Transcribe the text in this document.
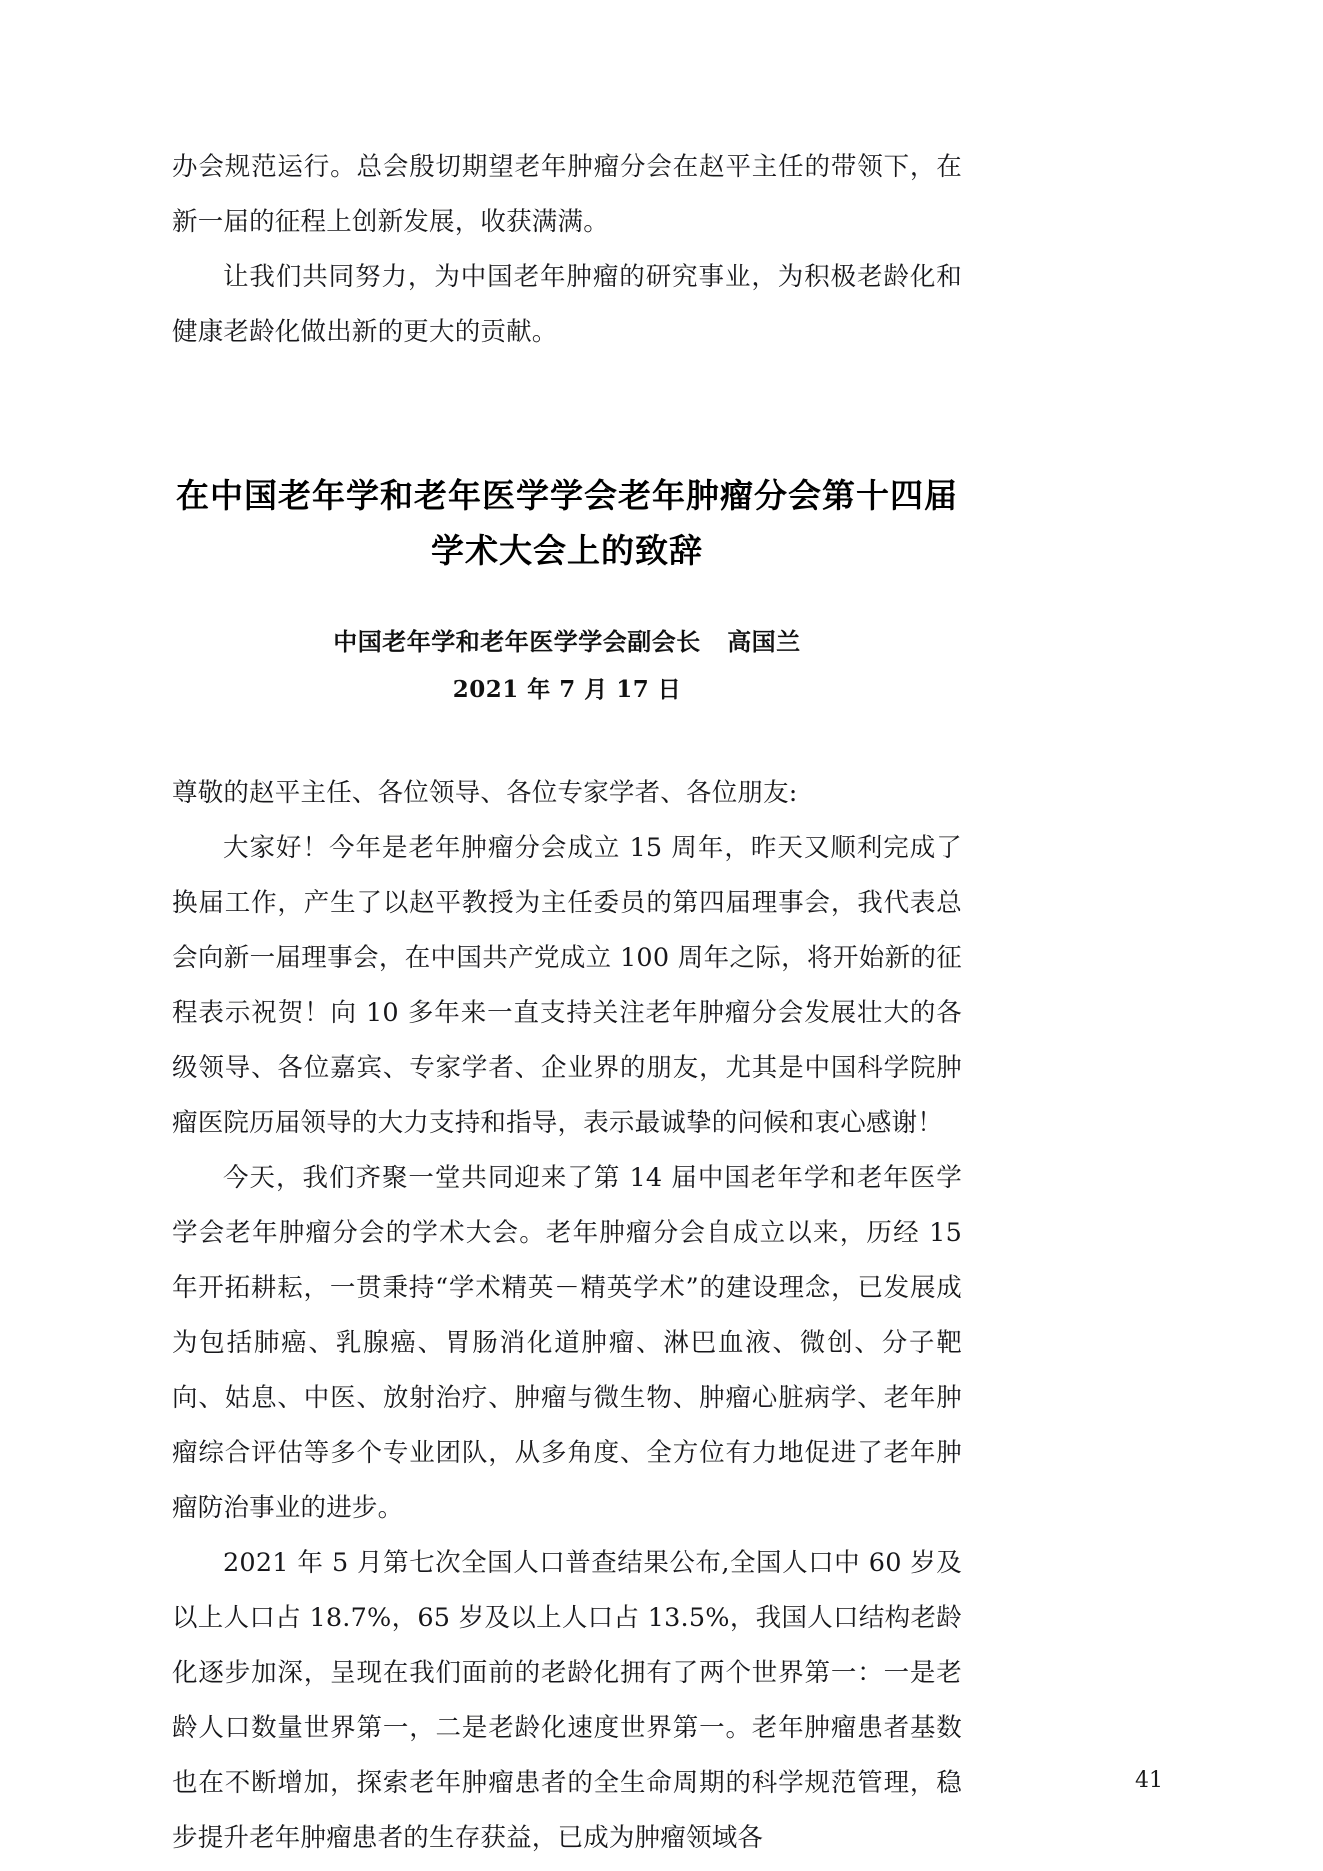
办会规范运行。总会殷切期望老年肿瘤分会在赵平主任的带领下，在新一届的征程上创新发展，收获满满。

让我们共同努力，为中国老年肿瘤的研究事业，为积极老龄化和健康老龄化做出新的更大的贡献。

在中国老年学和老年医学学会老年肿瘤分会第十四届
学术大会上的致辞

中国老年学和老年医学学会副会长 高国兰

2021 年 7 月 17 日

尊敬的赵平主任、各位领导、各位专家学者、各位朋友:

大家好！今年是老年肿瘤分会成立 15 周年，昨天又顺利完成了换届工作，产生了以赵平教授为主任委员的第四届理事会，我代表总会向新一届理事会，在中国共产党成立 100 周年之际，将开始新的征程表示祝贺！向 10 多年来一直支持关注老年肿瘤分会发展壮大的各级领导、各位嘉宾、专家学者、企业界的朋友，尤其是中国科学院肿瘤医院历届领导的大力支持和指导，表示最诚挚的问候和衷心感谢！

今天，我们齐聚一堂共同迎来了第 14 届中国老年学和老年医学学会老年肿瘤分会的学术大会。老年肿瘤分会自成立以来，历经 15 年开拓耕耘，一贯秉持“学术精英－精英学术”的建设理念，已发展成为包括肺癌、乳腺癌、胃肠消化道肿瘤、淋巴血液、微创、分子靶向、姑息、中医、放射治疗、肿瘤与微生物、肿瘤心脏病学、老年肿瘤综合评估等多个专业团队，从多角度、全方位有力地促进了老年肿瘤防治事业的进步。

2021 年 5 月第七次全国人口普查结果公布,全国人口中 60 岁及以上人口占 18.7%，65 岁及以上人口占 13.5%，我国人口结构老龄化逐步加深，呈现在我们面前的老龄化拥有了两个世界第一：一是老龄人口数量世界第一，二是老龄化速度世界第一。老年肿瘤患者基数也在不断增加，探索老年肿瘤患者的全生命周期的科学规范管理，稳步提升老年肿瘤患者的生存获益，已成为肿瘤领域各

41
